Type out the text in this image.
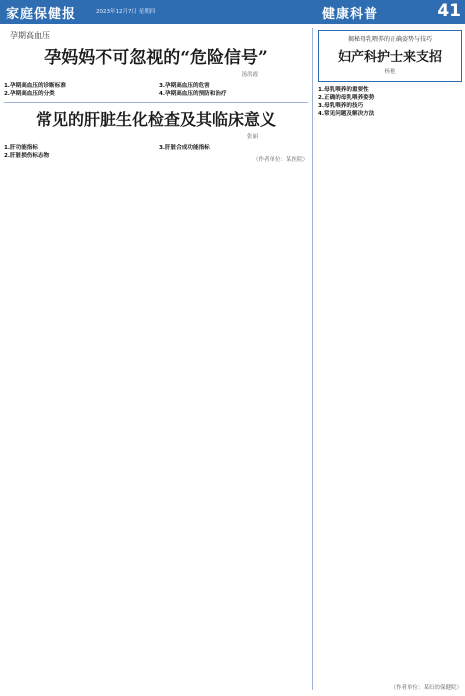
家庭保健报	2023年12月7日 星期四	健康科普	41
孕期高血压
孕妈妈不可忽视的“危险信号”
汤洪霞
1.孕期高血压的诊断标准
2.孕期高血压的分类
3.孕期高血压的危害
4.孕期高血压的预防和治疗
常见的肝脏生化检查及其临床意义
张丽
1.肝功能指标
2.肝脏损伤标志物
3.肝脏合成功能指标
（作者单位：某医院）
揭秘母乳喂养的正确姿势与技巧
妇产科护士来支招
杨艳
1.母乳喂养的重要性
2.正确的母乳喂养姿势
3.母乳喂养的技巧
4.常见问题及解决方法
（作者单位：某妇幼保健院）
